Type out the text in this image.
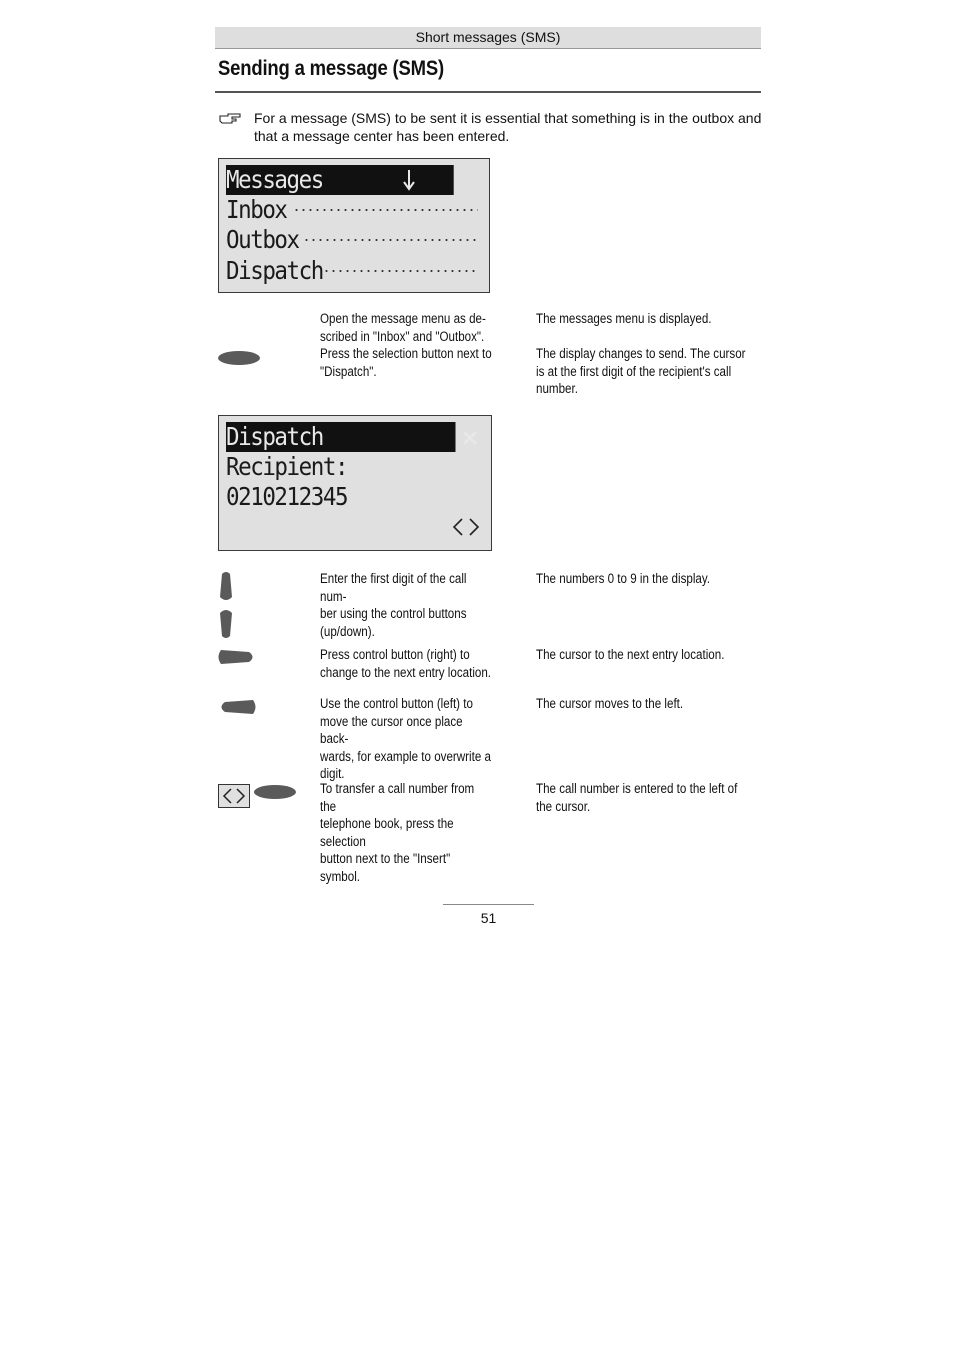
Short messages (SMS)
Sending a message (SMS)
For a message (SMS) to be sent it is essential that something is in the outbox and that a message center has been entered.
Messages
Inbox
Outbox
Dispatch
Open the message menu as de-
scribed in "Inbox" and "Outbox".
Press the selection button next to
"Dispatch".
The messages menu is displayed.
The display changes to send. The cursor
is at the first digit of the recipient's call
number.
Dispatch
Recipient:
0210212345
Enter the first digit of the call num-
ber using the control buttons
(up/down).
The numbers 0 to 9 in the display.
Press control button (right) to
change to the next entry location.
The cursor to the next entry location.
Use the control button (left) to
move the cursor once place back-
wards, for example to overwrite a
digit.
The cursor moves to the left.
To transfer a call number from the
telephone book, press the selection
button next to the "Insert" symbol.
The call number is entered to the left of
the cursor.
51
